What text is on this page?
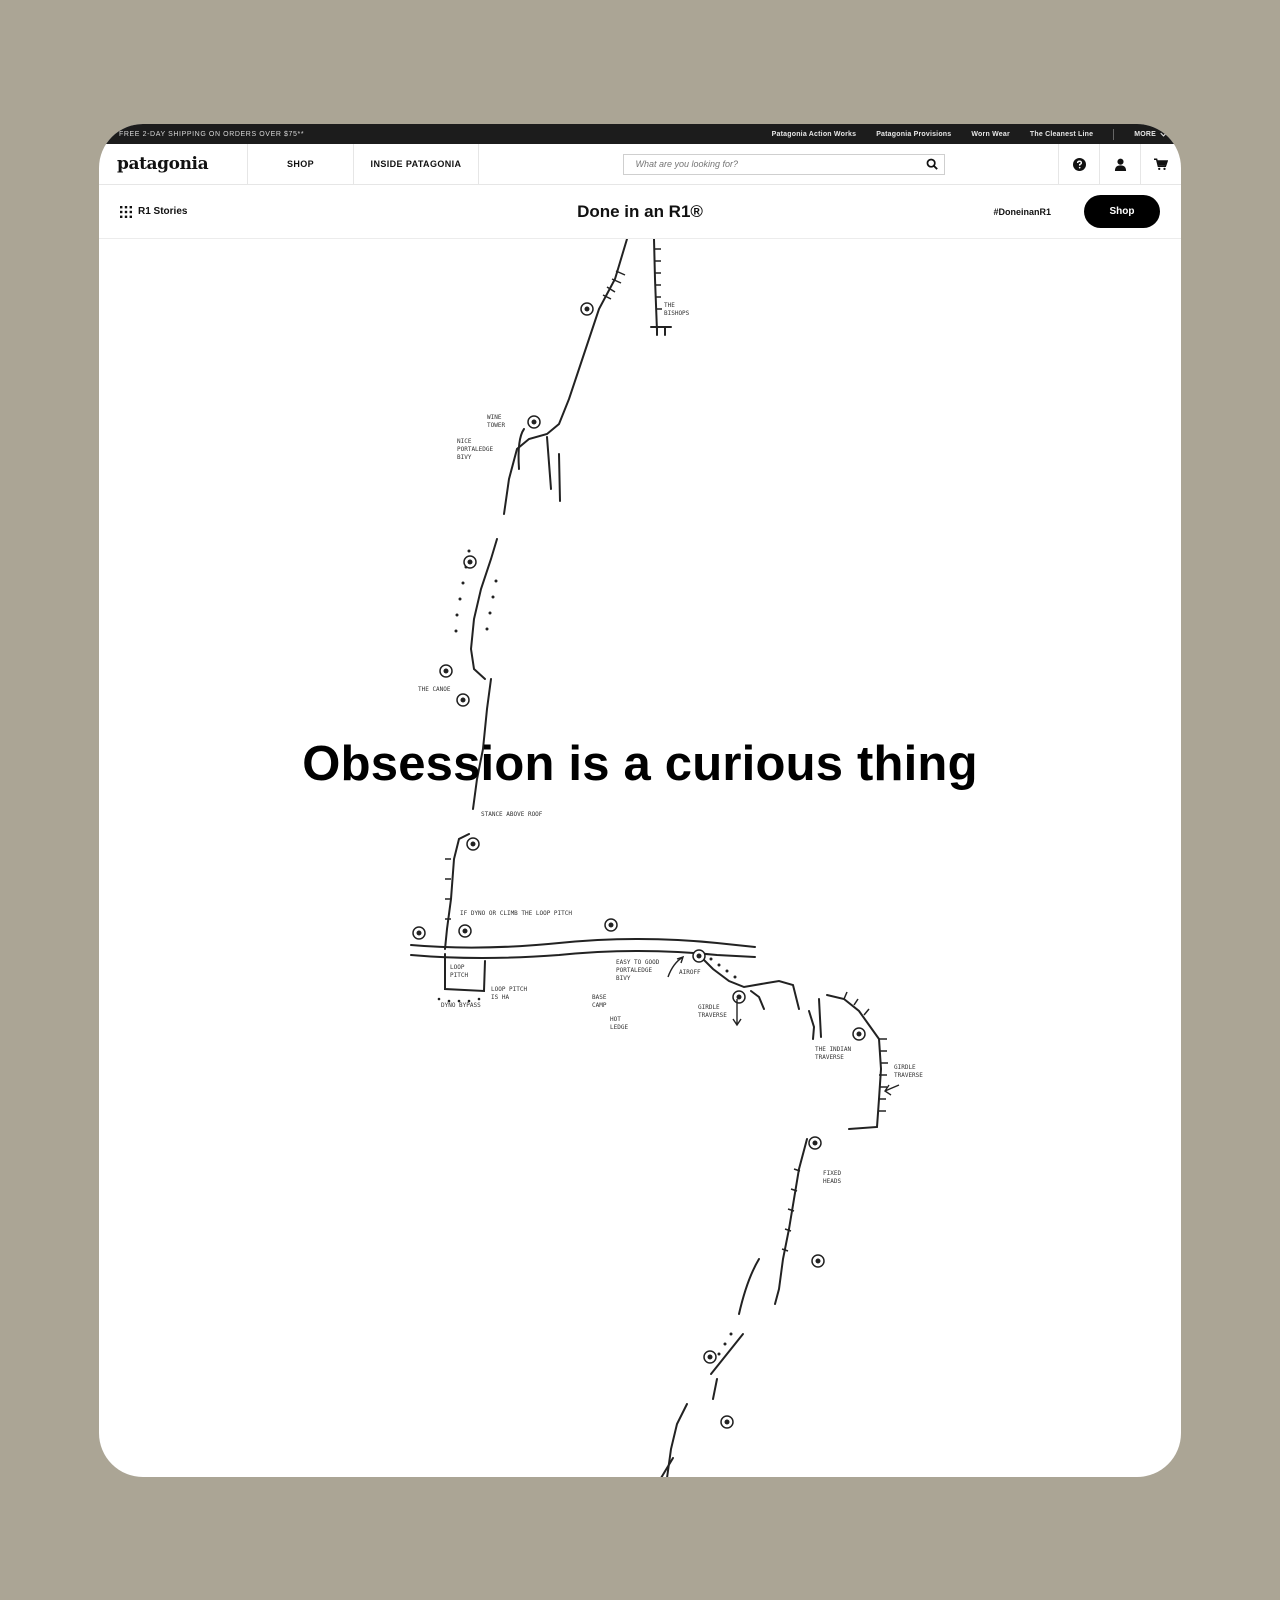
FREE 2-DAY SHIPPING ON ORDERS OVER $75**	Patagonia Action Works	Patagonia Provisions	Worn Wear	The Cleanest Line	MORE
patagonia	SHOP	INSIDE PATAGONIA
What are you looking for?
R1 Stories	Done in an R1®	#DoneinanR1	Shop
THE
BISHOPS
WINE
TOWER
NICE
PORTALEDGE
BIVY
THE CANOE
STANCE ABOVE ROOF
IF DYNO OR CLIMB THE LOOP PITCH
LOOP
PITCH
LOOP PITCH
IS HA
DYNO BYPASS
EASY TO GOOD
PORTALEDGE
BIVY
AIROFF
BASE
CAMP
HOT
LEDGE
GIRDLE
TRAVERSE
THE INDIAN
TRAVERSE
GIRDLE
TRAVERSE
FIXED
HEADS
Obsession is a curious thing
